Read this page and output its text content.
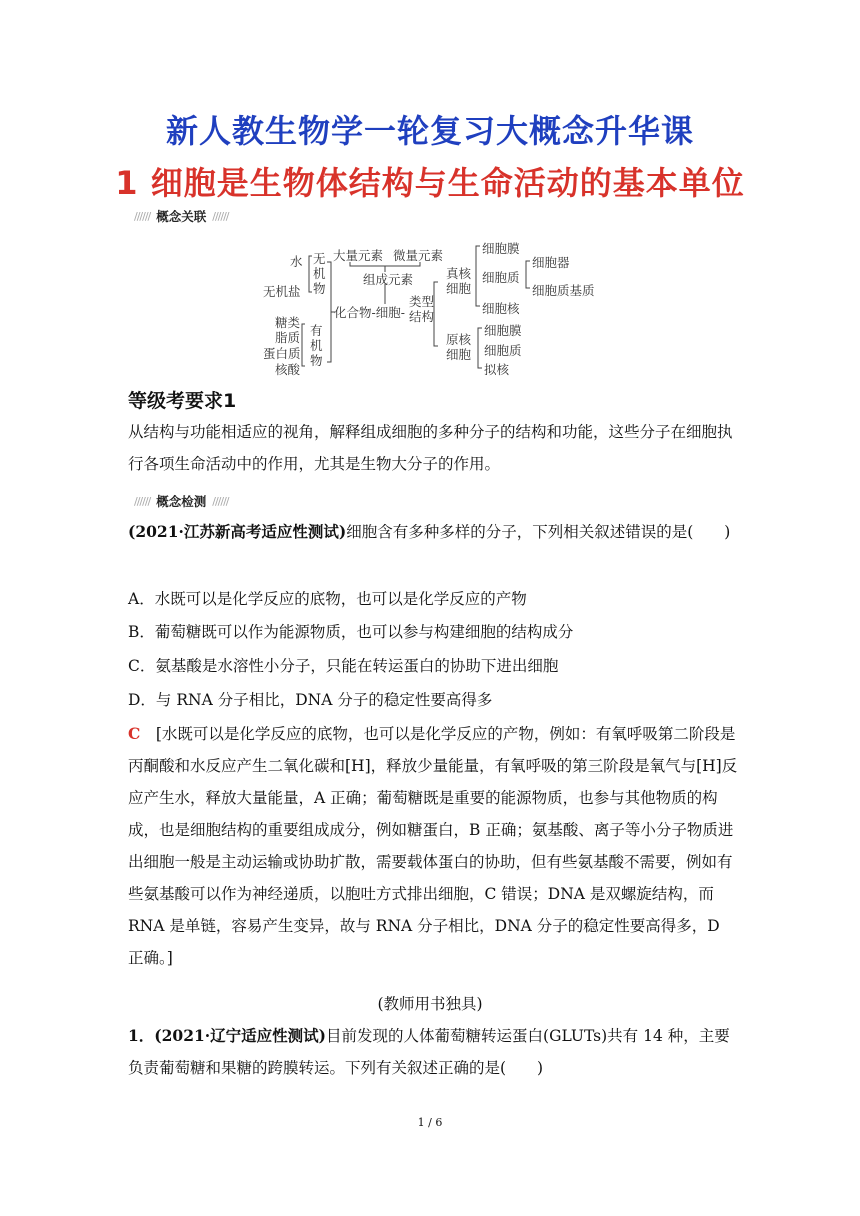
新人教生物学一轮复习大概念升华课
1 细胞是生物体结构与生命活动的基本单位
////// 概念关联 //////
水
无机盐
无机物
糖类
脂质
蛋白质
核酸
有机物
大量元素 微量元素
组成元素
化合物-细胞-
类型结构
真核细胞
原核细胞
细胞膜
细胞质
细胞器
细胞质基质
细胞核
细胞膜
细胞质
拟核
等级考要求1
从结构与功能相适应的视角，解释组成细胞的多种分子的结构和功能，这些分子在细胞执行各项生命活动中的作用，尤其是生物大分子的作用。
////// 概念检测 //////
(2021·江苏新高考适应性测试)细胞含有多种多样的分子，下列相关叙述错误的是(　　)
A．水既可以是化学反应的底物，也可以是化学反应的产物
B．葡萄糖既可以作为能源物质，也可以参与构建细胞的结构成分
C．氨基酸是水溶性小分子，只能在转运蛋白的协助下进出细胞
D．与 RNA 分子相比，DNA 分子的稳定性要高得多
C　 [水既可以是化学反应的底物，也可以是化学反应的产物，例如：有氧呼吸第二阶段是丙酮酸和水反应产生二氧化碳和[H]，释放少量能量，有氧呼吸的第三阶段是氧气与[H]反应产生水，释放大量能量，A 正确；葡萄糖既是重要的能源物质，也参与其他物质的构成，也是细胞结构的重要组成成分，例如糖蛋白，B 正确；氨基酸、离子等小分子物质进出细胞一般是主动运输或协助扩散，需要载体蛋白的协助，但有些氨基酸不需要，例如有些氨基酸可以作为神经递质，以胞吐方式排出细胞，C 错误；DNA 是双螺旋结构，而 RNA 是单链，容易产生变异，故与 RNA 分子相比，DNA 分子的稳定性要高得多，D 正确。]
(教师用书独具)
1．(2021·辽宁适应性测试)目前发现的人体葡萄糖转运蛋白(GLUTs)共有 14 种，主要负责葡萄糖和果糖的跨膜转运。下列有关叙述正确的是(　　)
1 / 6
